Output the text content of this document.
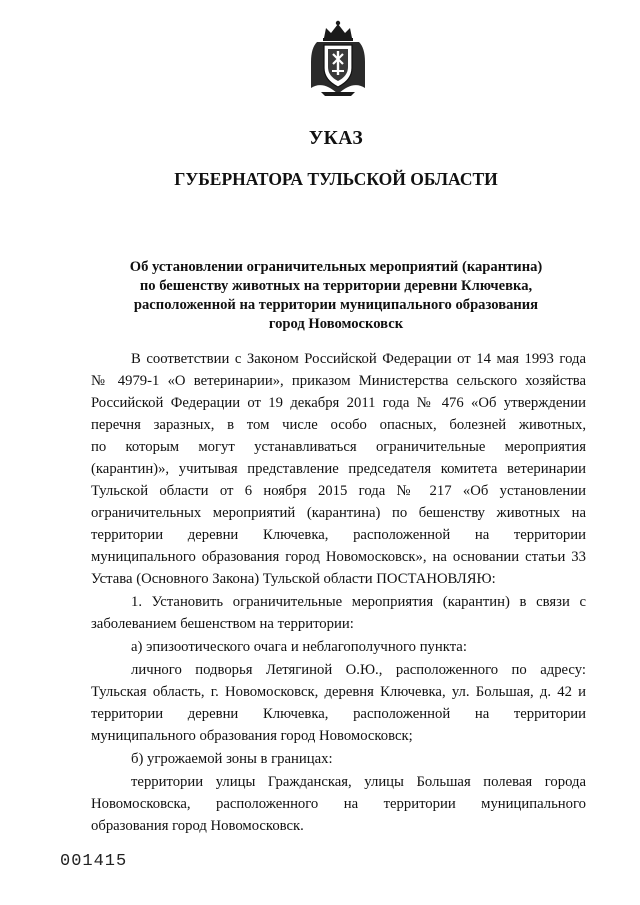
УКАЗ
ГУБЕРНАТОРА ТУЛЬСКОЙ ОБЛАСТИ
Об установлении ограничительных мероприятий (карантина)
по бешенству животных на территории деревни Ключевка,
расположенной на территории муниципального образования
город Новомосковск
В соответствии с Законом Российской Федерации от 14 мая 1993 года
№ 4979-1 «О ветеринарии», приказом Министерства сельского хозяйства
Российской Федерации от 19 декабря 2011 года № 476 «Об утверждении
перечня заразных, в том числе особо опасных, болезней животных,
по которым могут устанавливаться ограничительные мероприятия
(карантин)», учитывая представление председателя комитета ветеринарии
Тульской области от 6 ноября 2015 года № 217 «Об установлении
ограничительных мероприятий (карантина) по бешенству животных на
территории деревни Ключевка, расположенной на территории
муниципального образования город Новомосковск», на основании статьи 33
Устава (Основного Закона) Тульской области ПОСТАНОВЛЯЮ:
1. Установить ограничительные мероприятия (карантин) в связи с
заболеванием бешенством на территории:
а) эпизоотического очага и неблагополучного пункта:
личного подворья Летягиной О.Ю., расположенного по адресу:
Тульская область, г. Новомосковск, деревня Ключевка, ул. Большая, д. 42 и
территории деревни Ключевка, расположенной на территории
муниципального образования город Новомосковск;
б) угрожаемой зоны в границах:
территории улицы Гражданская, улицы Большая полевая города
Новомосковска, расположенного на территории муниципального
образования город Новомосковск.
001415
